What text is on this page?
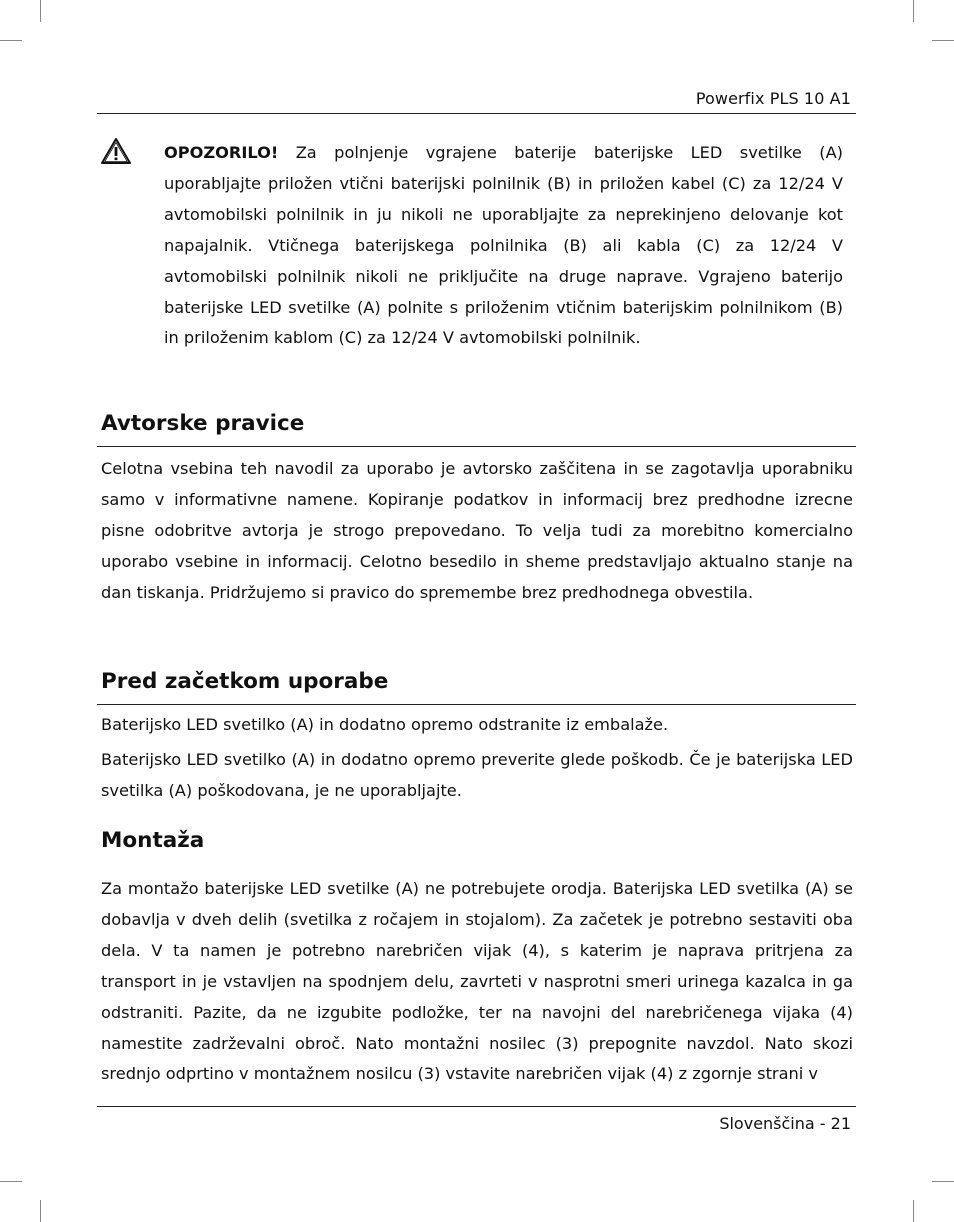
Powerfix PLS 10 A1

OPOZORILO! Za polnjenje vgrajene baterije baterijske LED svetilke (A) uporabljajte priložen vtični baterijski polnilnik (B) in priložen kabel (C) za 12/24 V avtomobilski polnilnik in ju nikoli ne uporabljajte za neprekinjeno delovanje kot napajalnik. Vtičnega baterijskega polnilnika (B) ali kabla (C) za 12/24 V avtomobilski polnilnik nikoli ne priključite na druge naprave. Vgrajeno baterijo baterijske LED svetilke (A) polnite s priloženim vtičnim baterijskim polnilnikom (B) in priloženim kablom (C) za 12/24 V avtomobilski polnilnik.

Avtorske pravice

Celotna vsebina teh navodil za uporabo je avtorsko zaščitena in se zagotavlja uporabniku samo v informativne namene. Kopiranje podatkov in informacij brez predhodne izrecne pisne odobritve avtorja je strogo prepovedano. To velja tudi za morebitno komercialno uporabo vsebine in informacij. Celotno besedilo in sheme predstavljajo aktualno stanje na dan tiskanja. Pridržujemo si pravico do spremembe brez predhodnega obvestila.

Pred začetkom uporabe

Baterijsko LED svetilko (A) in dodatno opremo odstranite iz embalaže.

Baterijsko LED svetilko (A) in dodatno opremo preverite glede poškodb. Če je baterijska LED svetilka (A) poškodovana, je ne uporabljajte.

Montaža

Za montažo baterijske LED svetilke (A) ne potrebujete orodja. Baterijska LED svetilka (A) se dobavlja v dveh delih (svetilka z ročajem in stojalom). Za začetek je potrebno sestaviti oba dela. V ta namen je potrebno narebričen vijak (4), s katerim je naprava pritrjena za transport in je vstavljen na spodnjem delu, zavrteti v nasprotni smeri urinega kazalca in ga odstraniti. Pazite, da ne izgubite podložke, ter na navojni del narebričenega vijaka (4) namestite zadrževalni obroč. Nato montažni nosilec (3) prepognite navzdol. Nato skozi srednjo odprtino v montažnem nosilcu (3) vstavite narebričen vijak (4) z zgornje strani v

Slovenščina - 21
